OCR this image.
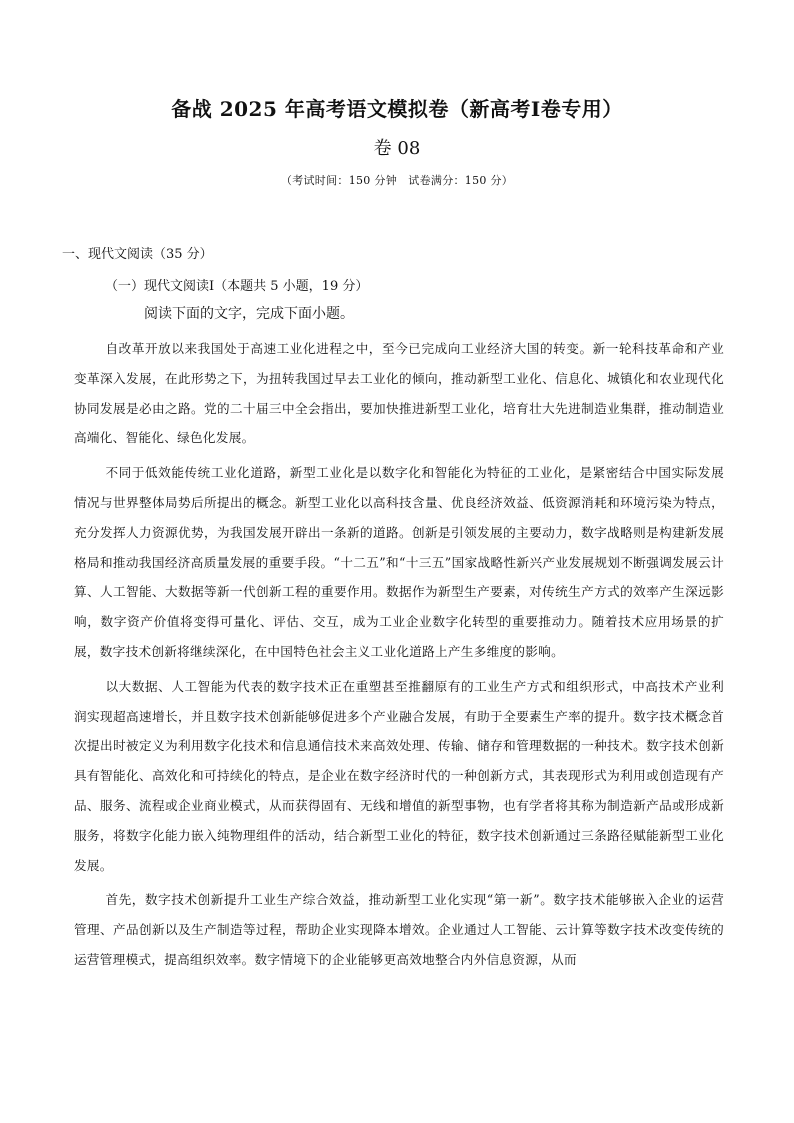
备战 2025 年高考语文模拟卷（新高考Ⅰ卷专用）
卷 08
（考试时间：150 分钟　试卷满分：150 分）
一、现代文阅读（35 分）
（一）现代文阅读Ⅰ（本题共 5 小题，19 分）
阅读下面的文字，完成下面小题。

自改革开放以来我国处于高速工业化进程之中，至今已完成向工业经济大国的转变。新一轮科技革命和产业变革深入发展，在此形势之下，为扭转我国过早去工业化的倾向，推动新型工业化、信息化、城镇化和农业现代化协同发展是必由之路。党的二十届三中全会指出，要加快推进新型工业化，培育壮大先进制造业集群，推动制造业高端化、智能化、绿色化发展。

不同于低效能传统工业化道路，新型工业化是以数字化和智能化为特征的工业化，是紧密结合中国实际发展情况与世界整体局势后所提出的概念。新型工业化以高科技含量、优良经济效益、低资源消耗和环境污染为特点，充分发挥人力资源优势，为我国发展开辟出一条新的道路。创新是引领发展的主要动力，数字战略则是构建新发展格局和推动我国经济高质量发展的重要手段。“十二五”和“十三五”国家战略性新兴产业发展规划不断强调发展云计算、人工智能、大数据等新一代创新工程的重要作用。数据作为新型生产要素，对传统生产方式的效率产生深远影响，数字资产价值将变得可量化、评估、交互，成为工业企业数字化转型的重要推动力。随着技术应用场景的扩展，数字技术创新将继续深化，在中国特色社会主义工业化道路上产生多维度的影响。

以大数据、人工智能为代表的数字技术正在重塑甚至推翻原有的工业生产方式和组织形式，中高技术产业利润实现超高速增长，并且数字技术创新能够促进多个产业融合发展，有助于全要素生产率的提升。数字技术概念首次提出时被定义为利用数字化技术和信息通信技术来高效处理、传输、储存和管理数据的一种技术。数字技术创新具有智能化、高效化和可持续化的特点，是企业在数字经济时代的一种创新方式，其表现形式为利用或创造现有产品、服务、流程或企业商业模式，从而获得固有、无线和增值的新型事物，也有学者将其称为制造新产品或形成新服务，将数字化能力嵌入纯物理组件的活动，结合新型工业化的特征，数字技术创新通过三条路径赋能新型工业化发展。

首先，数字技术创新提升工业生产综合效益，推动新型工业化实现“第一新”。数字技术能够嵌入企业的运营管理、产品创新以及生产制造等过程，帮助企业实现降本增效。企业通过人工智能、云计算等数字技术改变传统的运营管理模式，提高组织效率。数字情境下的企业能够更高效地整合内外信息资源，从而
